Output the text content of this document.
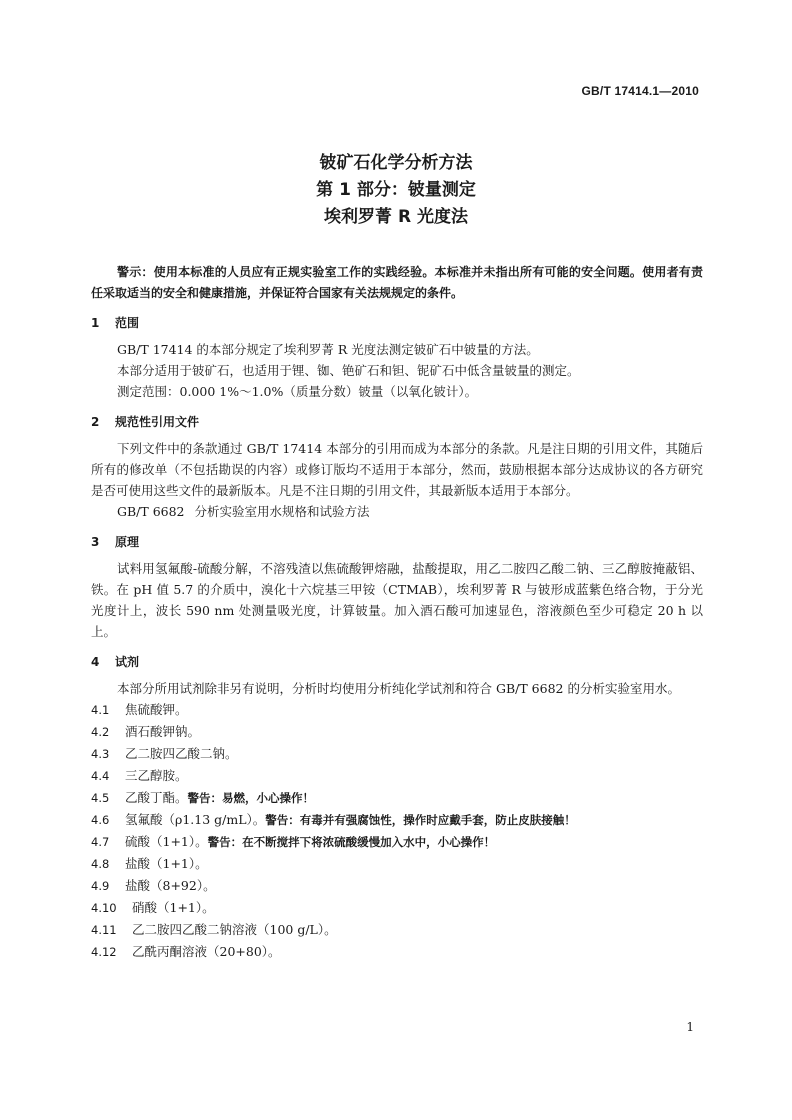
GB/T 17414.1—2010
铍矿石化学分析方法
第 1 部分：铍量测定
埃利罗菁 R 光度法

警示：使用本标准的人员应有正规实验室工作的实践经验。本标准并未指出所有可能的安全问题。使用者有责任采取适当的安全和健康措施，并保证符合国家有关法规规定的条件。

1 范围

GB/T 17414 的本部分规定了埃利罗菁 R 光度法测定铍矿石中铍量的方法。

本部分适用于铍矿石，也适用于锂、铷、铯矿石和钽、铌矿石中低含量铍量的测定。

测定范围：0.000 1%～1.0%（质量分数）铍量（以氧化铍计）。

2 规范性引用文件

下列文件中的条款通过 GB/T 17414 本部分的引用而成为本部分的条款。凡是注日期的引用文件，其随后所有的修改单（不包括勘误的内容）或修订版均不适用于本部分，然而，鼓励根据本部分达成协议的各方研究是否可使用这些文件的最新版本。凡是不注日期的引用文件，其最新版本适用于本部分。

GB/T 6682 分析实验室用水规格和试验方法

3 原理

试料用氢氟酸-硫酸分解，不溶残渣以焦硫酸钾熔融，盐酸提取，用乙二胺四乙酸二钠、三乙醇胺掩蔽铝、铁。在 pH 值 5.7 的介质中，溴化十六烷基三甲铵（CTMAB），埃利罗菁 R 与铍形成蓝紫色络合物，于分光光度计上，波长 590 nm 处测量吸光度，计算铍量。加入酒石酸可加速显色，溶液颜色至少可稳定 20 h 以上。

4 试剂

本部分所用试剂除非另有说明，分析时均使用分析纯化学试剂和符合 GB/T 6682 的分析实验室用水。

4.1 焦硫酸钾。

4.2 酒石酸钾钠。

4.3 乙二胺四乙酸二钠。

4.4 三乙醇胺。

4.5 乙酸丁酯。警告：易燃，小心操作！

4.6 氢氟酸（ρ1.13 g/mL）。警告：有毒并有强腐蚀性，操作时应戴手套，防止皮肤接触！

4.7 硫酸（1+1）。警告：在不断搅拌下将浓硫酸缓慢加入水中，小心操作！

4.8 盐酸（1+1）。

4.9 盐酸（8+92）。

4.10 硝酸（1+1）。

4.11 乙二胺四乙酸二钠溶液（100 g/L）。

4.12 乙酰丙酮溶液（20+80）。

1
